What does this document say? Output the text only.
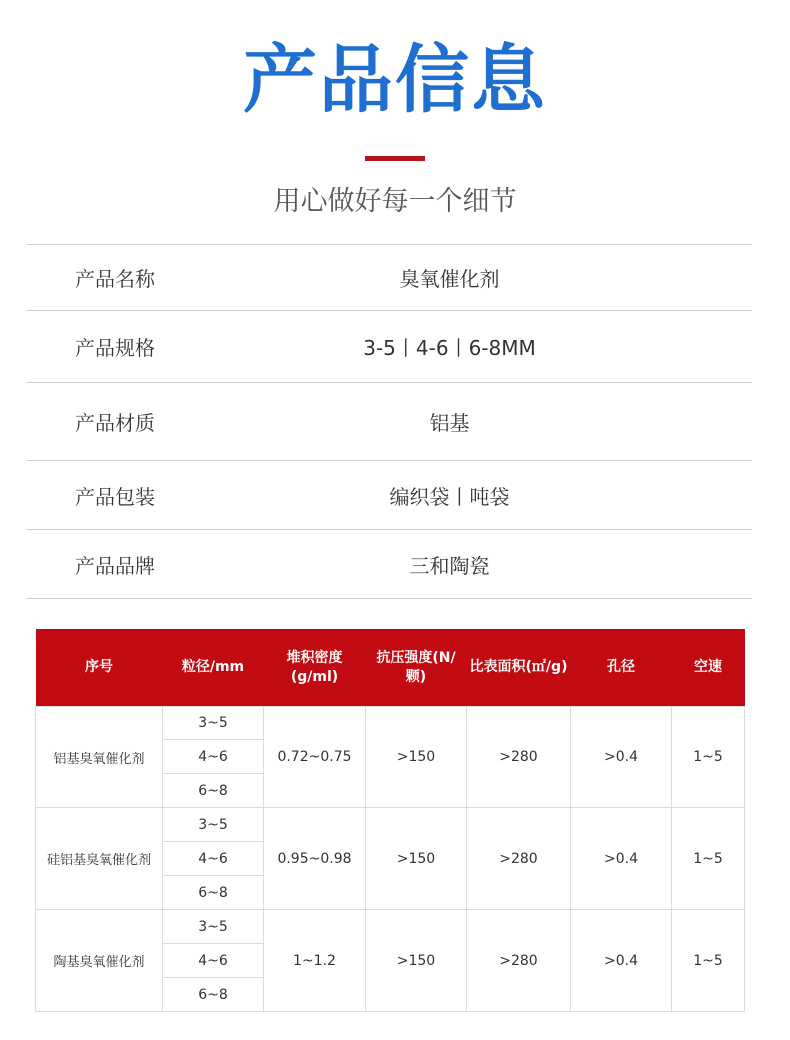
产品信息
用心做好每一个细节
产品名称	臭氧催化剂
产品规格	3-5丨4-6丨6-8MM
产品材质	铝基
产品包装	编织袋丨吨袋
产品品牌	三和陶瓷
序号	粒径/mm	堆积密度(g/ml)	抗压强度(N/颗)	比表面积(㎡/g)	孔径	空速
铝基臭氧催化剂	3~5	0.72~0.75	>150	>280	>0.4	1~5
	4~6					
	6~8					
硅铝基臭氧催化剂	3~5	0.95~0.98	>150	>280	>0.4	1~5
	4~6					
	6~8					
陶基臭氧催化剂	3~5	1~1.2	>150	>280	>0.4	1~5
	4~6					
	6~8					
